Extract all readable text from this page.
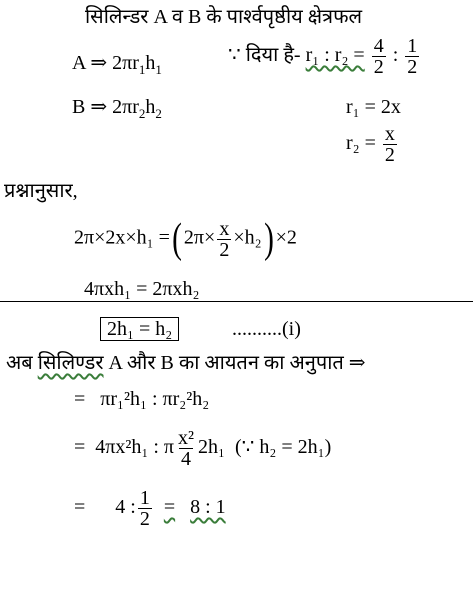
सिलिन्डर A व B के पार्श्वपृष्ठीय क्षेत्रफल
A ⇒ $2\pi r_1h_1$
∵ दिया है- r₁ : $r_2 = \frac{4}{2}$ : $\frac{1}{2}$
B ⇒ $2\pi r_2h_2$	r₁ = 2x
$r_2 = \frac{x}{2}$
प्रश्नानुसार,
2π×2x×h₁ =( $2\pi\times \frac{x}{2} \times h_2) \times 2$
4πxh₁ = 2πxh₂
2h₁ = h₂	..........(i)
अब सिलिण्डर A और B का आयतन का अनुपात ⇒
= πr₁²h₁ : πr₂²h₂
= 4πx²h₁ : π $\frac{\text{x²}}{4} 2h_1$ (∵ h₂ = 2h₁)
= 4 : $\frac{1}{2} = 8$ : 1
